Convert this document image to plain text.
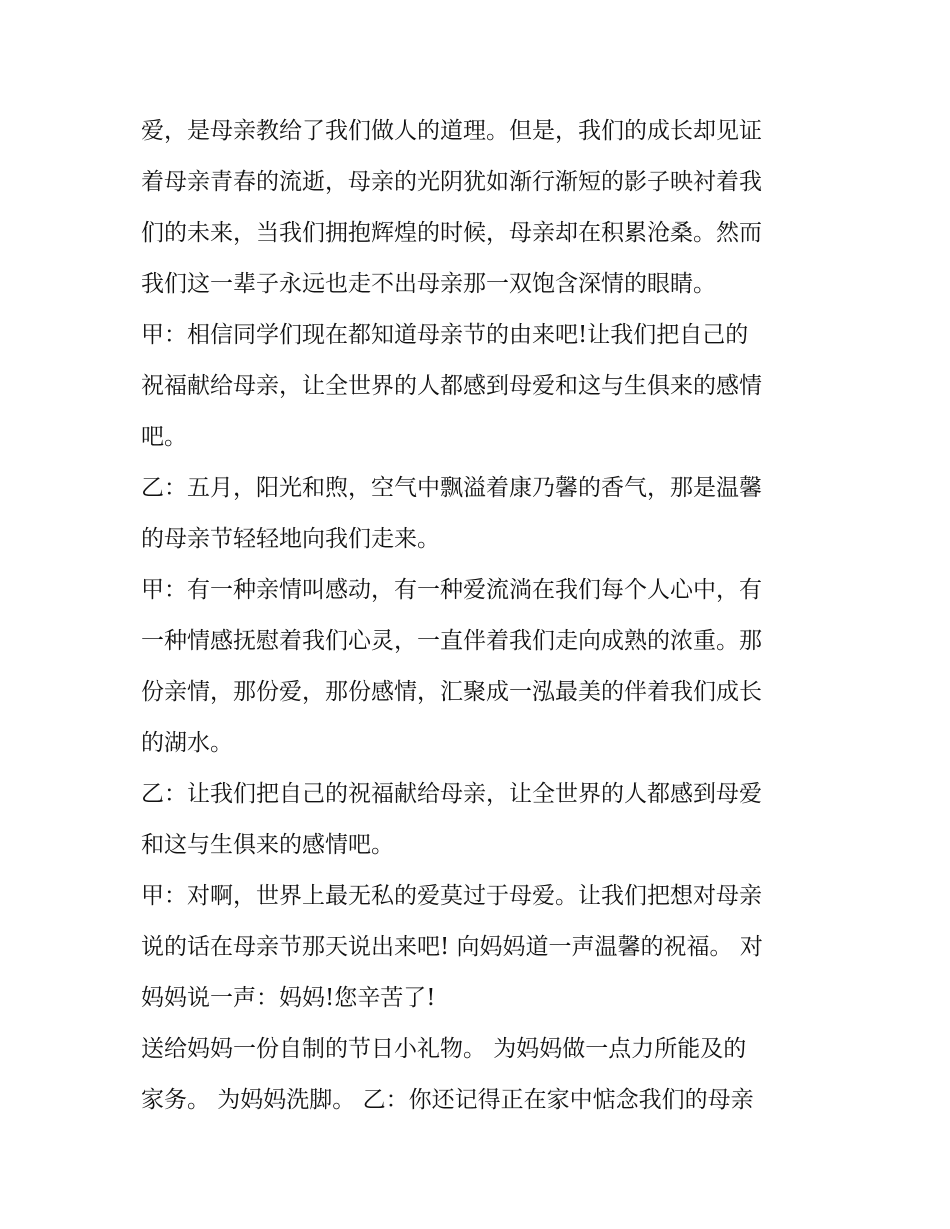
爱，是母亲教给了我们做人的道理。但是，我们的成长却见证
着母亲青春的流逝，母亲的光阴犹如渐行渐短的影子映衬着我
们的未来，当我们拥抱辉煌的时候，母亲却在积累沧桑。然而
我们这一辈子永远也走不出母亲那一双饱含深情的眼睛。
甲：相信同学们现在都知道母亲节的由来吧!让我们把自己的
祝福献给母亲，让全世界的人都感到母爱和这与生俱来的感情
吧。
乙：五月，阳光和煦，空气中飘溢着康乃馨的香气，那是温馨
的母亲节轻轻地向我们走来。
甲：有一种亲情叫感动，有一种爱流淌在我们每个人心中，有
一种情感抚慰着我们心灵，一直伴着我们走向成熟的浓重。那
份亲情，那份爱，那份感情，汇聚成一泓最美的伴着我们成长
的湖水。
乙：让我们把自己的祝福献给母亲，让全世界的人都感到母爱
和这与生俱来的感情吧。
甲：对啊，世界上最无私的爱莫过于母爱。让我们把想对母亲
说的话在母亲节那天说出来吧! 向妈妈道一声温馨的祝福。 对
妈妈说一声：妈妈!您辛苦了!
送给妈妈一份自制的节日小礼物。 为妈妈做一点力所能及的
家务。 为妈妈洗脚。 乙：你还记得正在家中惦念我们的母亲
